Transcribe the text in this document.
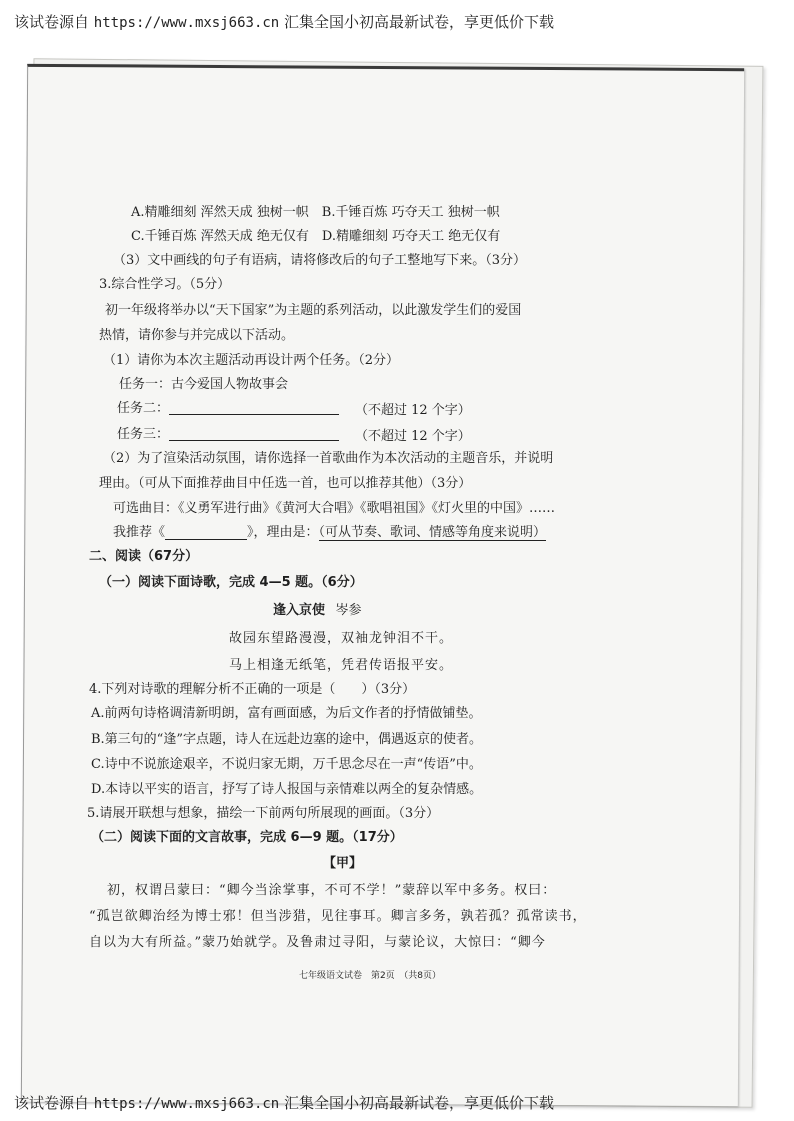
该试卷源自 https://www.mxsj663.cn 汇集全国小初高最新试卷，享更低价下载
A.精雕细刻 浑然天成 独树一帜　B.千锤百炼 巧夺天工 独树一帜
C.千锤百炼 浑然天成 绝无仅有　D.精雕细刻 巧夺天工 绝无仅有
（3）文中画线的句子有语病，请将修改后的句子工整地写下来。（3分）
3.综合性学习。（5分）
初一年级将举办以“天下国家”为主题的系列活动，以此激发学生们的爱国
热情，请你参与并完成以下活动。
（1）请你为本次主题活动再设计两个任务。（2分）
任务一：古今爱国人物故事会
任务二：	（不超过 12 个字）
任务三：	（不超过 12 个字）
（2）为了渲染活动氛围，请你选择一首歌曲作为本次活动的主题音乐，并说明
理由。（可从下面推荐曲目中任选一首，也可以推荐其他）（3分）
可选曲目：《义勇军进行曲》《黄河大合唱》《歌唱祖国》《灯火里的中国》……
我推荐《	》，理由是：（可从节奏、歌词、情感等角度来说明）
二、阅读（67分）
（一）阅读下面诗歌，完成 4—5 题。（6分）
逢入京使 岑参
故园东望路漫漫，双袖龙钟泪不干。
马上相逢无纸笔，凭君传语报平安。
4.下列对诗歌的理解分析不正确的一项是（　　）（3分）
A.前两句诗格调清新明朗，富有画面感，为后文作者的抒情做铺垫。
B.第三句的“逢”字点题，诗人在远赴边塞的途中，偶遇返京的使者。
C.诗中不说旅途艰辛，不说归家无期，万千思念尽在一声“传语”中。
D.本诗以平实的语言，抒写了诗人报国与亲情难以两全的复杂情感。
5.请展开联想与想象，描绘一下前两句所展现的画面。（3分）
（二）阅读下面的文言故事，完成 6—9 题。（17分）
【甲】
初，权谓吕蒙曰：“卿今当涂掌事，不可不学！”蒙辞以军中多务。权曰：
“孤岂欲卿治经为博士邪！但当涉猎，见往事耳。卿言多务，孰若孤？孤常读书，
自以为大有所益。”蒙乃始就学。及鲁肃过寻阳，与蒙论议，大惊曰：“卿今
七年级语文试卷　第2页　（共8页）
该试卷源自 https://www.mxsj663.cn 汇集全国小初高最新试卷，享更低价下载
